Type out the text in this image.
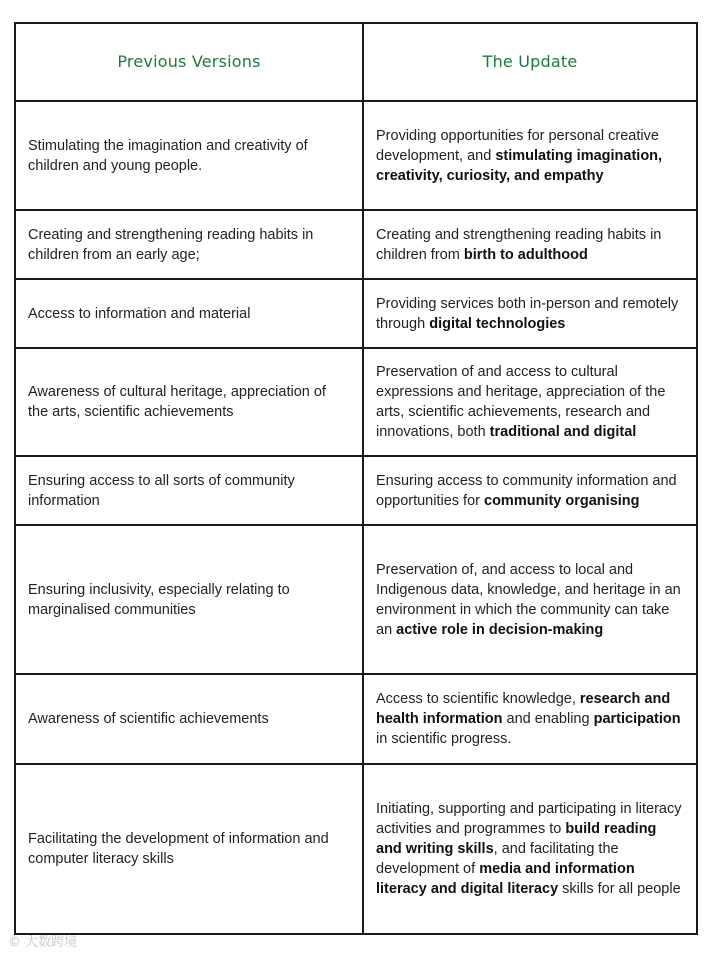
Previous Versions	The Update
Stimulating the imagination and creativity of children and young people.	Providing opportunities for personal creative development, and stimulating imagination, creativity, curiosity, and empathy
Creating and strengthening reading habits in children from an early age;	Creating and strengthening reading habits in children from birth to adulthood
Access to information and material	Providing services both in-person and remotely through digital technologies
Awareness of cultural heritage, appreciation of the arts, scientific achievements	Preservation of and access to cultural expressions and heritage, appreciation of the arts, scientific achievements, research and innovations, both traditional and digital
Ensuring access to all sorts of community information	Ensuring access to community information and opportunities for community organising
Ensuring inclusivity, especially relating to marginalised communities	Preservation of, and access to local and Indigenous data, knowledge, and heritage in an environment in which the community can take an active role in decision-making
Awareness of scientific achievements	Access to scientific knowledge, research and health information and enabling participation in scientific progress.
Facilitating the development of information and computer literacy skills	Initiating, supporting and participating in literacy activities and programmes to build reading and writing skills, and facilitating the development of media and information literacy and digital literacy skills for all people
© 大数跨境
